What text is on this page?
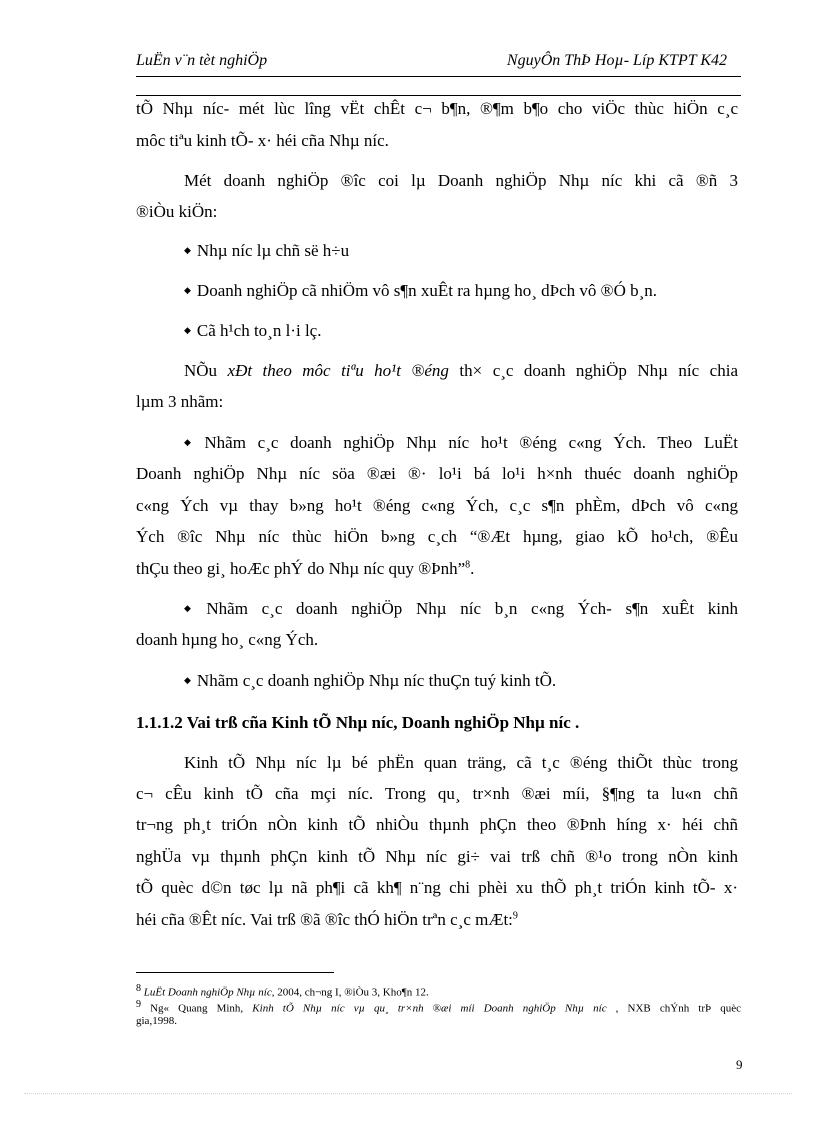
LuËn v¨n tèt nghiÖp	NguyÔn ThÞ Hoµ- Líp KTPT K42
tÕ Nhµ níc- mét lùc lîng vËt chÊt c¬ b¶n, ®¶m b¶o cho viÖc thùc hiÖn c¸c
môc tiªu kinh tÕ- x· héi cña Nhµ níc.
Mét doanh nghiÖp ®îc coi lµ Doanh nghiÖp Nhµ níc khi cã ®ñ 3
®iÒu kiÖn:
◆ Nhµ níc lµ chñ së h÷u
◆ Doanh nghiÖp cã nhiÖm vô s¶n xuÊt ra hµng ho¸ dÞch vô ®Ó b¸n.
◆ Cã h¹ch to¸n l·i lç.
NÕu xÐt theo môc tiªu ho¹t ®éng th× c¸c doanh nghiÖp Nhµ níc chia
lµm 3 nhãm:
◆ Nhãm c¸c doanh nghiÖp Nhµ níc ho¹t ®éng c«ng Ých. Theo LuËt
Doanh nghiÖp Nhµ níc söa ®æi ®· lo¹i bá lo¹i h×nh thuéc doanh nghiÖp
c«ng Ých vµ thay b»ng ho¹t ®éng c«ng Ých, c¸c s¶n phÈm, dÞch vô c«ng
Ých ®îc Nhµ níc thùc hiÖn b»ng c¸ch “®Æt hµng, giao kÕ ho¹ch, ®Êu
thÇu theo gi¸ hoÆc phÝ do Nhµ níc quy ®Þnh”$^8$.
◆ Nhãm c¸c doanh nghiÖp Nhµ níc b¸n c«ng Ých- s¶n xuÊt kinh
doanh hµng ho¸ c«ng Ých.
◆ Nhãm c¸c doanh nghiÖp Nhµ níc thuÇn tuý kinh tÕ.
1.1.1.2 Vai trß cña Kinh tÕ Nhµ níc, Doanh nghiÖp Nhµ níc .
Kinh tÕ Nhµ níc lµ bé phËn quan träng, cã t¸c ®éng thiÕt thùc trong
c¬ cÊu kinh tÕ cña mçi níc. Trong qu¸ tr×nh ®æi míi, §¶ng ta lu«n chñ
tr¬ng ph¸t triÓn nÒn kinh tÕ nhiÒu thµnh phÇn theo ®Þnh híng x· héi chñ
nghÜa vµ thµnh phÇn kinh tÕ Nhµ níc gi÷ vai trß chñ ®¹o trong nÒn kinh
tÕ quèc d©n tøc lµ nã ph¶i cã kh¶ n¨ng chi phèi xu thÕ ph¸t triÓn kinh tÕ- x·
héi cña ®Êt níc. Vai trß ®ã ®îc thÓ hiÖn trªn c¸c mÆt:$^9$
$^8$ LuËt Doanh nghiÖp Nhµ níc, 2004, ch¬ng I, ®iÒu 3, Kho¶n 12.
$^9$ Ng« Quang Minh, Kinh tÕ Nhµ níc vµ qu¸ tr×nh ®æi míi Doanh nghiÖp Nhµ níc , NXB chÝnh trÞ quèc
gia,1998.
9
